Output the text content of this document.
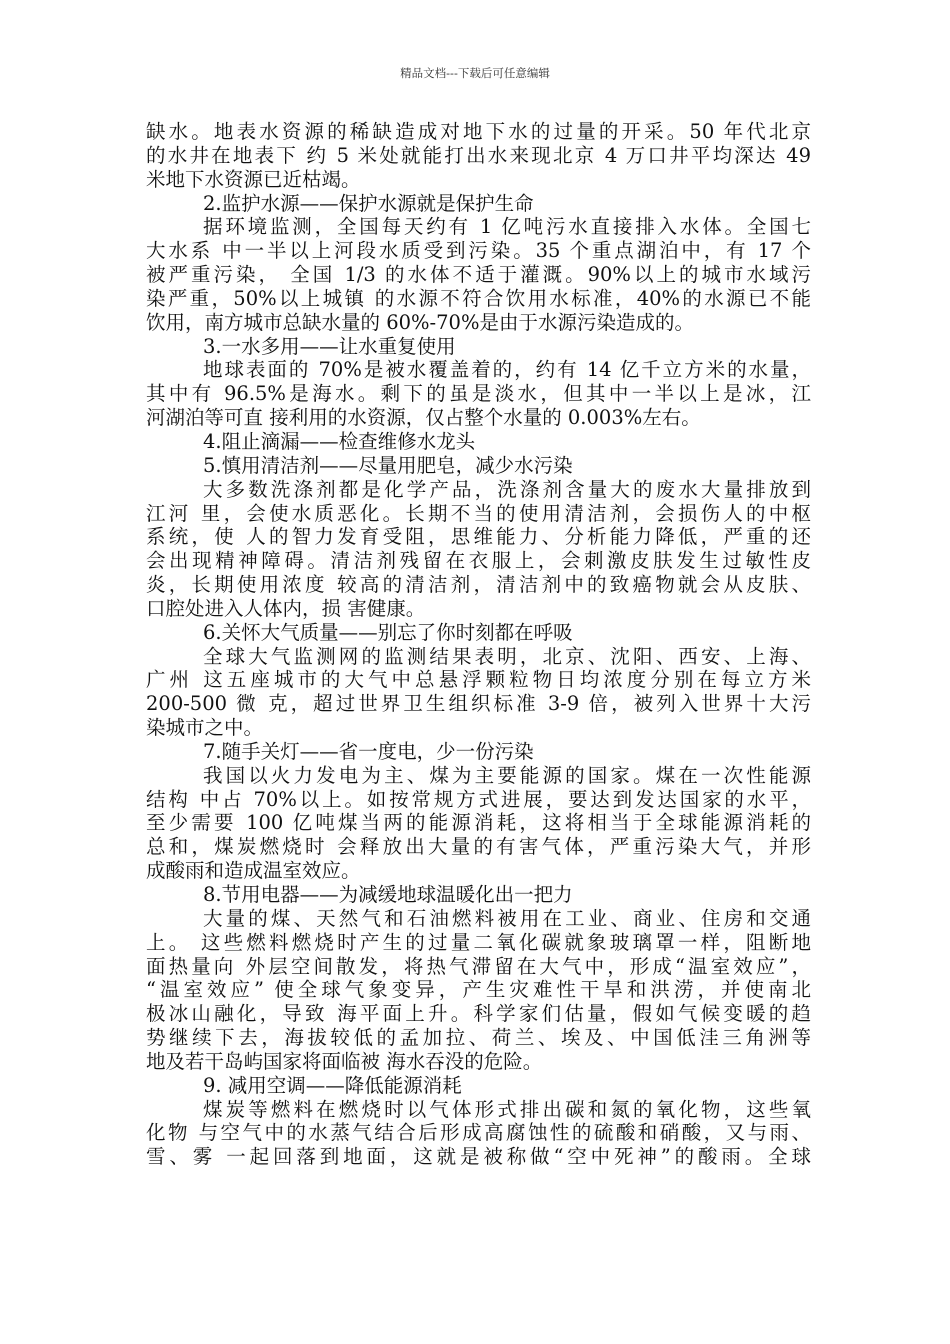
精品文档---下载后可任意编辑
缺水。地表水资源的稀缺造成对地下水的过量的开采。50 年代北京
的水井在地表下 约 5 米处就能打出水来现北京 4 万口井平均深达 49
米地下水资源已近枯竭。
2.监护水源——保护水源就是保护生命
据环境监测，全国每天约有 1 亿吨污水直接排入水体。全国七
大水系 中一半以上河段水质受到污染。35 个重点湖泊中，有 17 个
被严重污染， 全国 1/3 的水体不适于灌溉。90%以上的城市水域污
染严重，50%以上城镇 的水源不符合饮用水标准，40%的水源已不能
饮用，南方城市总缺水量的 60%-70%是由于水源污染造成的。
3.一水多用——让水重复使用
地球表面的 70%是被水覆盖着的，约有 14 亿千立方米的水量，
其中有 96.5%是海水。剩下的虽是淡水，但其中一半以上是冰，江
河湖泊等可直 接利用的水资源，仅占整个水量的 0.003%左右。
4.阻止滴漏——检查维修水龙头
5.慎用清洁剂——尽量用肥皂，减少水污染
大多数洗涤剂都是化学产品，洗涤剂含量大的废水大量排放到
江河 里，会使水质恶化。长期不当的使用清洁剂，会损伤人的中枢
系统，使 人的智力发育受阻，思维能力、分析能力降低，严重的还
会出现精神障碍。清洁剂残留在衣服上，会刺激皮肤发生过敏性皮
炎，长期使用浓度 较高的清洁剂，清洁剂中的致癌物就会从皮肤、
口腔处进入人体内，损 害健康。
6.关怀大气质量——别忘了你时刻都在呼吸
全球大气监测网的监测结果表明，北京、沈阳、西安、上海、
广州 这五座城市的大气中总悬浮颗粒物日均浓度分别在每立方米
200-500 微 克，超过世界卫生组织标准 3-9 倍，被列入世界十大污
染城市之中。
7.随手关灯——省一度电，少一份污染
我国以火力发电为主、煤为主要能源的国家。煤在一次性能源
结构 中占 70%以上。如按常规方式进展，要达到发达国家的水平，
至少需要 100 亿吨煤当两的能源消耗，这将相当于全球能源消耗的
总和，煤炭燃烧时 会释放出大量的有害气体，严重污染大气，并形
成酸雨和造成温室效应。
8.节用电器——为减缓地球温暖化出一把力
大量的煤、天然气和石油燃料被用在工业、商业、住房和交通
上。 这些燃料燃烧时产生的过量二氧化碳就象玻璃罩一样，阻断地
面热量向 外层空间散发，将热气滞留在大气中，形成“温室效应”，
“温室效应” 使全球气象变异，产生灾难性干旱和洪涝，并使南北
极冰山融化，导致 海平面上升。科学家们估量，假如气候变暖的趋
势继续下去，海拔较低的孟加拉、荷兰、埃及、中国低洼三角洲等
地及若干岛屿国家将面临被 海水吞没的危险。
9. 减用空调——降低能源消耗
煤炭等燃料在燃烧时以气体形式排出碳和氮的氧化物，这些氧
化物 与空气中的水蒸气结合后形成高腐蚀性的硫酸和硝酸，又与雨、
雪、雾 一起回落到地面，这就是被称做“空中死神”的酸雨。全球
